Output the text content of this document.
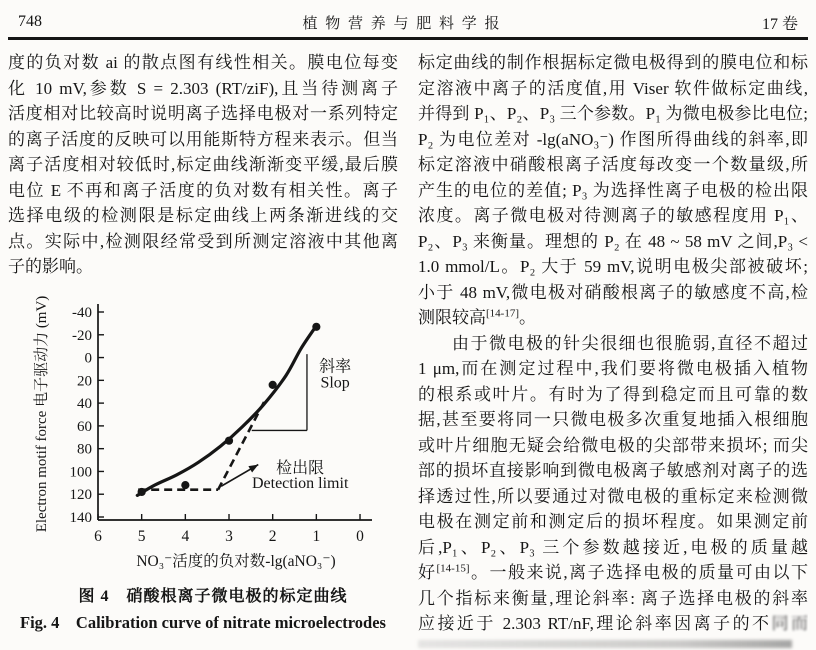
748	植 物 营 养 与 肥 料 学 报	17 卷
度的负对数 ai 的散点图有线性相关。膜电位每变
化 10 mV,参数 S = 2.303 (RT/ziF),且当待测离子
活度相对比较高时说明离子选择电极对一系列特定
的离子活度的反映可以用能斯特方程来表示。但当
离子活度相对较低时,标定曲线渐渐变平缓,最后膜
电位 E 不再和离子活度的负对数有相关性。离子
选择电级的检测限是标定曲线上两条渐进线的交
点。实际中,检测限经常受到所测定溶液中其他离
子的影响。
-40
-20
0
20
40
60
80
100
120
140
6 5 4 3 2 1 0
NO₃⁻活度的负对数-lg(aNO₃⁻)
Electron motif force 电子驱动力 (mV)	斜率
Slop
检出限
Detection limit
图 4　硝酸根离子微电极的标定曲线
Fig. 4　Calibration curve of nitrate microelectrodes
标定曲线的制作根据标定微电极得到的膜电位和标
定溶液中离子的活度值,用 Viser 软件做标定曲线,
并得到 P₁、P₂、P₃ 三个参数。P₁ 为微电极参比电位;
P₂ 为电位差对 -lg(aNO₃⁻) 作图所得曲线的斜率,即
标定溶液中硝酸根离子活度每改变一个数量级,所
产生的电位的差值; P₃ 为选择性离子电极的检出限
浓度。离子微电极对待测离子的敏感程度用 P₁、
P₂、P₃ 来衡量。理想的 P₂ 在 48 ~ 58 mV 之间,P₃ <
1.0 mmol/L。P₂ 大于 59 mV,说明电极尖部被破坏;
小于 48 mV,微电极对硝酸根离子的敏感度不高,检
测限较高[14-17]。
由于微电极的针尖很细也很脆弱,直径不超过
1 μm,而在测定过程中,我们要将微电极插入植物
的根系或叶片。有时为了得到稳定而且可靠的数
据,甚至要将同一只微电极多次重复地插入根细胞
或叶片细胞无疑会给微电极的尖部带来损坏; 而尖
部的损坏直接影响到微电极离子敏感剂对离子的选
择透过性,所以要通过对微电极的重标定来检测微
电极在测定前和测定后的损坏程度。如果测定前
后,P₁、P₂、P₃ 三个参数越接近,电极的质量越
好[14-15]。一般来说,离子选择电极的质量可由以下
几个指标来衡量,理论斜率: 离子选择电极的斜率
应接近于 2.303 RT/nF,理论斜率因离子的不同而
